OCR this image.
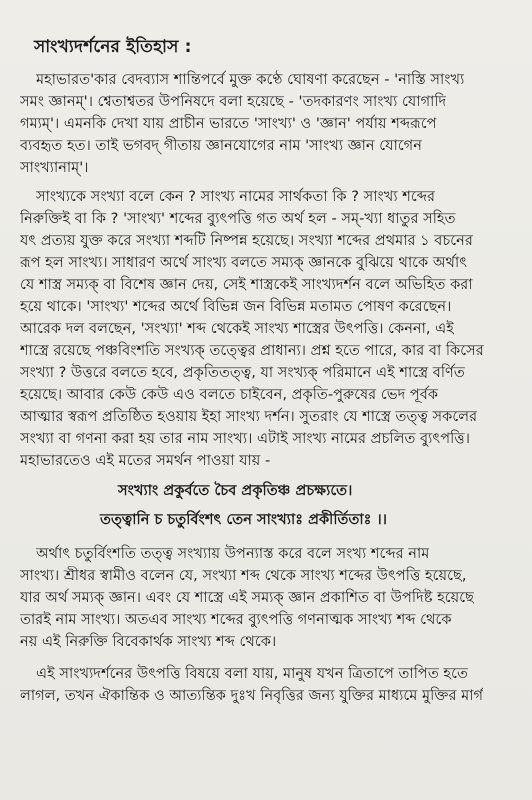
সাংখ্যদর্শনের ইতিহাস :
মহাভারত'কার বেদব্যাস শান্তিপর্বে মুক্ত কণ্ঠে ঘোষণা করেছেন - 'নাস্তি সাংখ্য
সমং জ্ঞানম্'। শ্বেতাশ্বতর উপনিষদে বলা হয়েছে - 'তদকারণং সাংখ্য যোগাদি
গম্যম্'। এমনকি দেখা যায় প্রাচীন ভারতে 'সাংখ্য' ও 'জ্ঞান' পর্যায় শব্দরূপে
ব্যবহৃত হত। তাই ভগবদ্ গীতায় জ্ঞানযোগের নাম 'সাংখ্য জ্ঞান যোগেন
সাংখ্যানাম্'।
সাংখ্যকে সংখ্যা বলে কেন ? সাংখ্য নামের সার্থকতা কি ? সাংখ্য শব্দের
নিরুক্তিই বা কি ? 'সাংখ্য' শব্দের ব্যুৎপত্তি গত অর্থ হল - সম্-খ্যা ধাতুর সহিত
যৎ প্রত্যয় যুক্ত করে সংখ্যা শব্দটি নিষ্পন্ন হয়েছে। সংখ্যা শব্দের প্রথমার ১ বচনের
রূপ হল সাংখ্য। সাধারণ অর্থে সাংখ্য বলতে সম্যক্ জ্ঞানকে বুঝিয়ে থাকে অর্থাৎ
যে শাস্ত্র সম্যক্ বা বিশেষ জ্ঞান দেয়, সেই শাস্ত্রকেই সাংখ্যদর্শন বলে অভিহিত করা
হয়ে থাকে। 'সাংখ্য' শব্দের অর্থে বিভিন্ন জন বিভিন্ন মতামত পোষণ করেছেন।
আরেক দল বলছেন, 'সংখ্যা' শব্দ থেকেই সাংখ্য শাস্ত্রের উৎপত্তি। কেননা, এই
শাস্ত্রে রয়েছে পঞ্চবিংশতি সংখ্যক্ তত্ত্বের প্রাধান্য। প্রশ্ন হতে পারে, কার বা কিসের
সংখ্যা ? উত্তরে বলতে হবে, প্রকৃতিতত্ত্ব, যা সংখ্যক্ পরিমানে এই শাস্ত্রে বর্ণিত
হয়েছে। আবার কেউ কেউ এও বলতে চাইবেন, প্রকৃতি-পুরুষের ভেদ পূর্বক
আত্মার স্বরূপ প্রতিষ্ঠিত হওয়ায় ইহা সাংখ্য দর্শন। সুতরাং যে শাস্ত্রে তত্ত্ব সকলের
সংখ্যা বা গণনা করা হয় তার নাম সাংখ্য। এটাই সাংখ্য নামের প্রচলিত ব্যুৎপত্তি।
মহাভারতেও এই মতের সমর্থন পাওয়া যায় -
সংখ্যাং প্রকুর্বতে চৈব প্রকৃতিঞ্চ প্রচক্ষ্যতে।
তত্ত্বানি চ চতুর্বিংশৎ তেন সাংখ্যাঃ প্রকীর্তিতাঃ ।।
অর্থাৎ চতুর্বিংশতি তত্ত্ব সংখ্যায় উপন্যাস্ত করে বলে সংখ্য শব্দের নাম
সাংখ্য। শ্রীধর স্বামীও বলেন যে, সংখ্যা শব্দ থেকে সাংখ্য শব্দের উৎপত্তি হয়েছে,
যার অর্থ সম্যক্ জ্ঞান। এবং যে শাস্ত্রে এই সম্যক্ জ্ঞান প্রকাশিত বা উপদিষ্ট হয়েছে
তারই নাম সাংখ্য। অতএব সাংখ্য শব্দের ব্যুৎপত্তি গণনাত্মক সাংখ্য শব্দ থেকে
নয় এই নিরুক্তি বিবেকার্থক সাংখ্য শব্দ থেকে।
এই সাংখ্যদর্শনের উৎপত্তি বিষয়ে বলা যায়, মানুষ যখন ত্রিতাপে তাপিত হতে
লাগল, তখন ঐকান্তিক ও আত্যন্তিক দুঃখ নিবৃত্তির জন্য যুক্তির মাধ্যমে মুক্তির মার্গ
